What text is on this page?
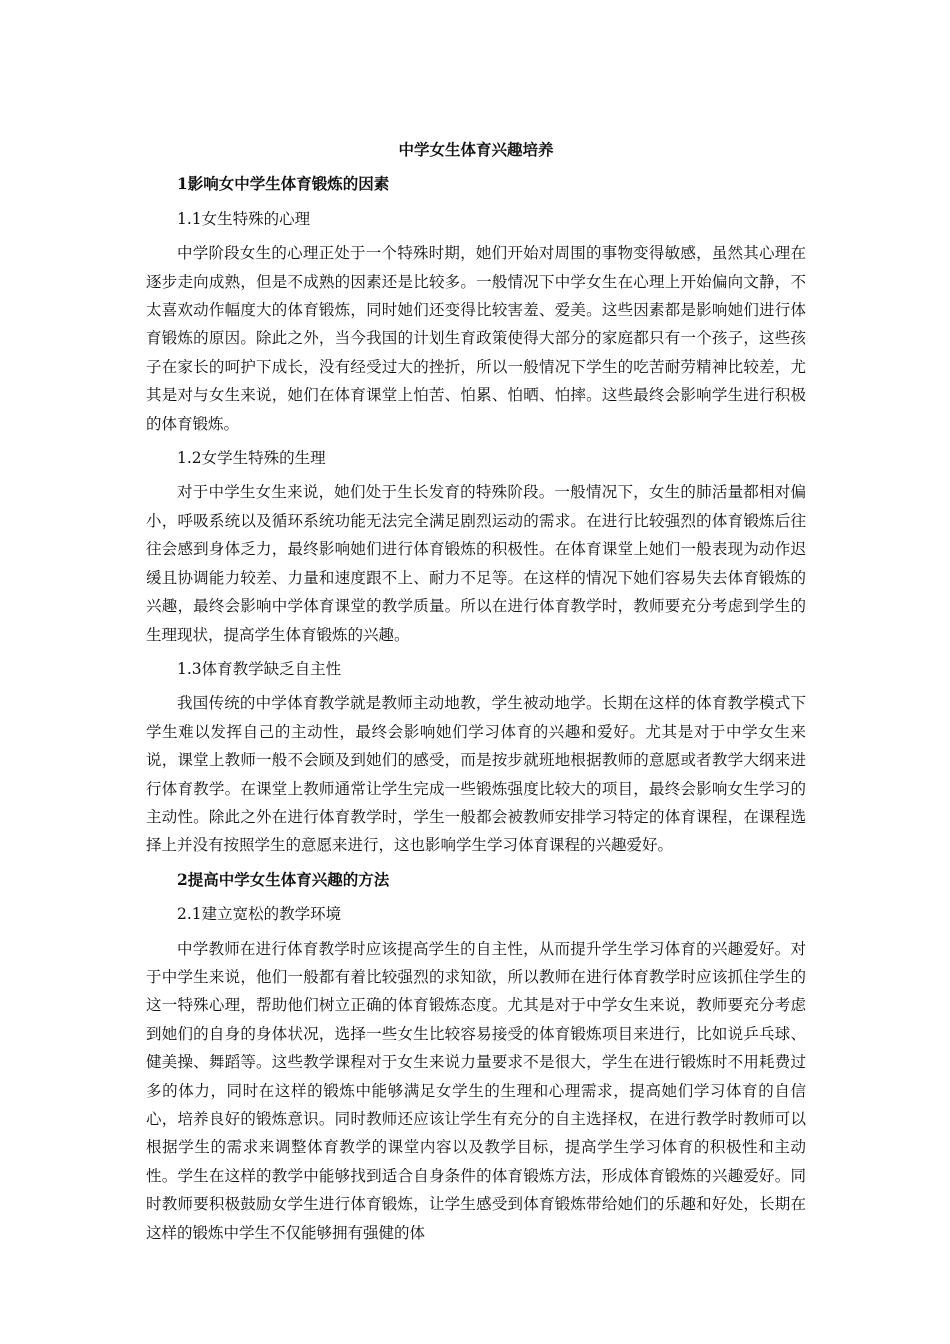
中学女生体育兴趣培养
1影响女中学生体育锻炼的因素
1.1女生特殊的心理
中学阶段女生的心理正处于一个特殊时期，她们开始对周围的事物变得敏感，虽然其心理在逐步走向成熟，但是不成熟的因素还是比较多。一般情况下中学女生在心理上开始偏向文静，不太喜欢动作幅度大的体育锻炼，同时她们还变得比较害羞、爱美。这些因素都是影响她们进行体育锻炼的原因。除此之外，当今我国的计划生育政策使得大部分的家庭都只有一个孩子，这些孩子在家长的呵护下成长，没有经受过大的挫折，所以一般情况下学生的吃苦耐劳精神比较差，尤其是对与女生来说，她们在体育课堂上怕苦、怕累、怕晒、怕摔。这些最终会影响学生进行积极的体育锻炼。
1.2女学生特殊的生理
对于中学生女生来说，她们处于生长发育的特殊阶段。一般情况下，女生的肺活量都相对偏小，呼吸系统以及循环系统功能无法完全满足剧烈运动的需求。在进行比较强烈的体育锻炼后往往会感到身体乏力，最终影响她们进行体育锻炼的积极性。在体育课堂上她们一般表现为动作迟缓且协调能力较差、力量和速度跟不上、耐力不足等。在这样的情况下她们容易失去体育锻炼的兴趣，最终会影响中学体育课堂的教学质量。所以在进行体育教学时，教师要充分考虑到学生的生理现状，提高学生体育锻炼的兴趣。
1.3体育教学缺乏自主性
我国传统的中学体育教学就是教师主动地教，学生被动地学。长期在这样的体育教学模式下学生难以发挥自己的主动性，最终会影响她们学习体育的兴趣和爱好。尤其是对于中学女生来说，课堂上教师一般不会顾及到她们的感受，而是按步就班地根据教师的意愿或者教学大纲来进行体育教学。在课堂上教师通常让学生完成一些锻炼强度比较大的项目，最终会影响女生学习的主动性。除此之外在进行体育教学时，学生一般都会被教师安排学习特定的体育课程，在课程选择上并没有按照学生的意愿来进行，这也影响学生学习体育课程的兴趣爱好。
2提高中学女生体育兴趣的方法
2.1建立宽松的教学环境
中学教师在进行体育教学时应该提高学生的自主性，从而提升学生学习体育的兴趣爱好。对于中学生来说，他们一般都有着比较强烈的求知欲，所以教师在进行体育教学时应该抓住学生的这一特殊心理，帮助他们树立正确的体育锻炼态度。尤其是对于中学女生来说，教师要充分考虑到她们的自身的身体状况，选择一些女生比较容易接受的体育锻炼项目来进行，比如说乒乓球、健美操、舞蹈等。这些教学课程对于女生来说力量要求不是很大，学生在进行锻炼时不用耗费过多的体力，同时在这样的锻炼中能够满足女学生的生理和心理需求，提高她们学习体育的自信心，培养良好的锻炼意识。同时教师还应该让学生有充分的自主选择权，在进行教学时教师可以根据学生的需求来调整体育教学的课堂内容以及教学目标，提高学生学习体育的积极性和主动性。学生在这样的教学中能够找到适合自身条件的体育锻炼方法，形成体育锻炼的兴趣爱好。同时教师要积极鼓励女学生进行体育锻炼，让学生感受到体育锻炼带给她们的乐趣和好处，长期在这样的锻炼中学生不仅能够拥有强健的体
